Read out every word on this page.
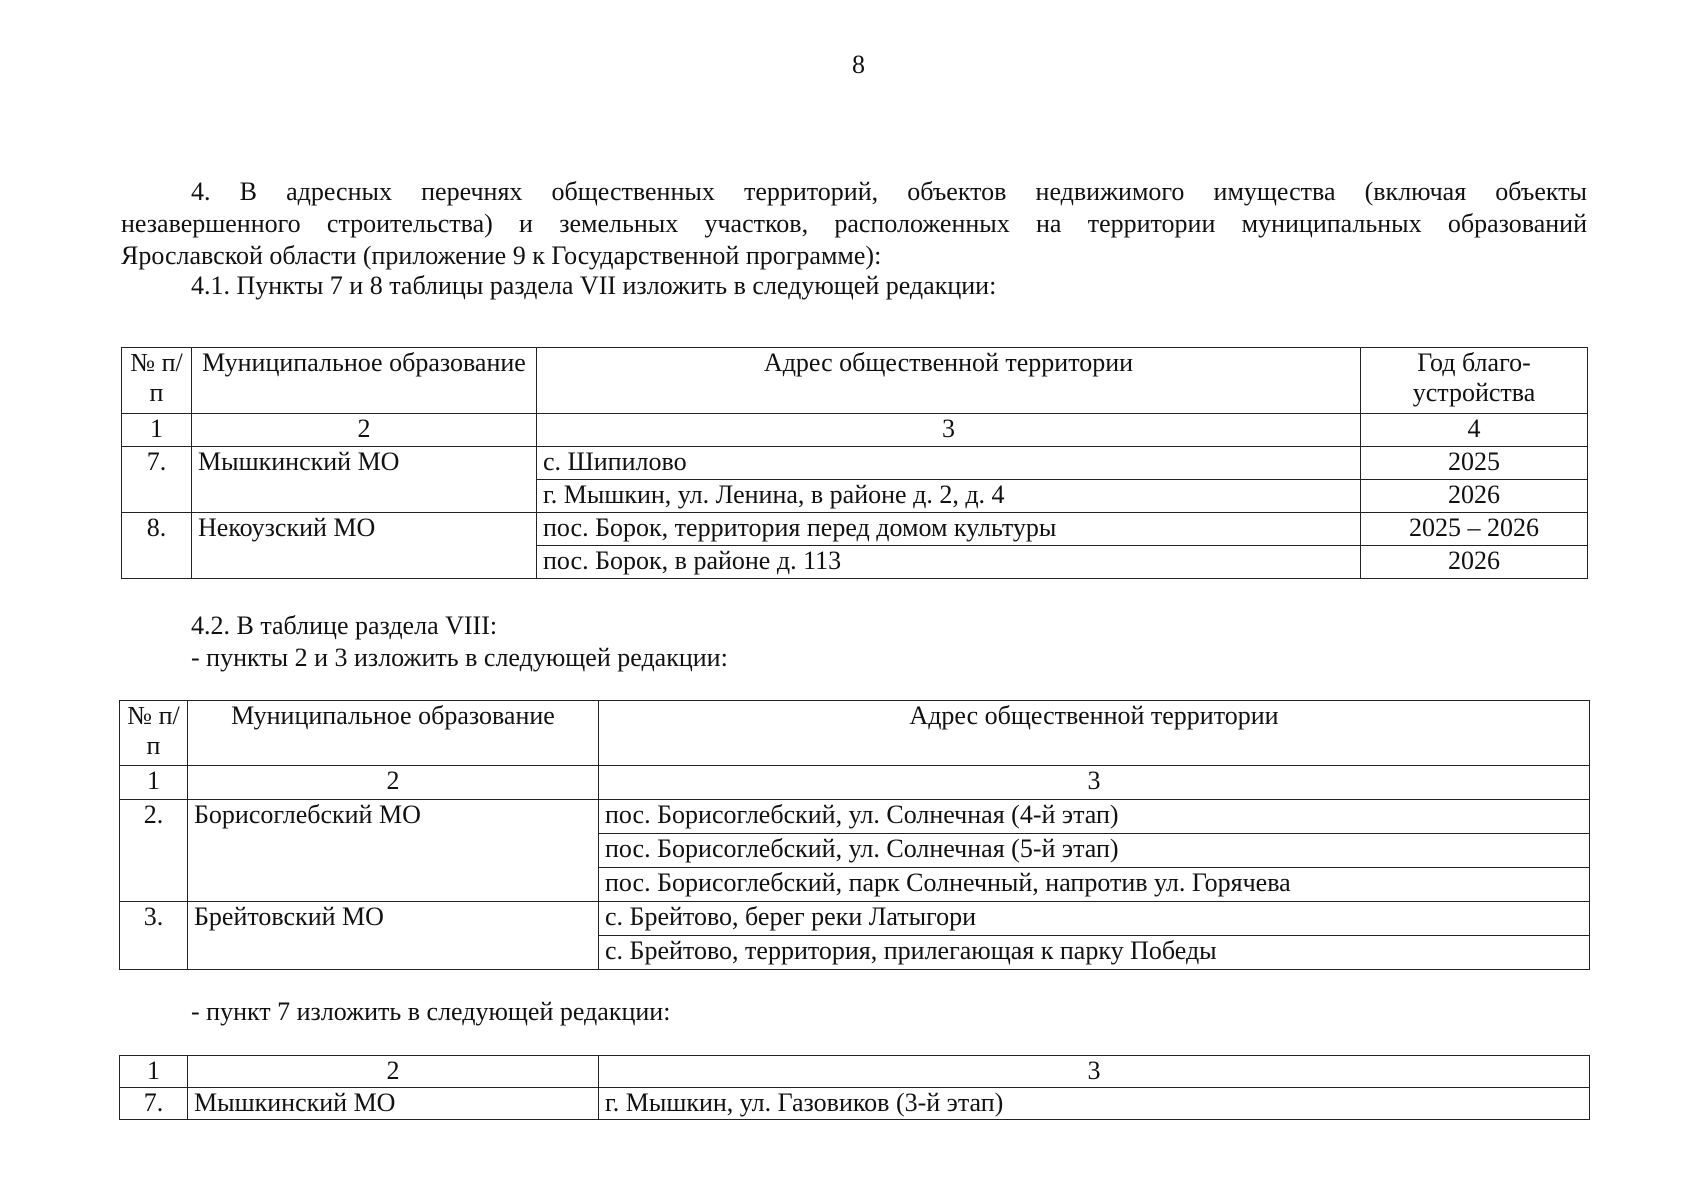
8

4. В адресных перечнях общественных территорий, объектов недвижимого имущества (включая объекты

незавершенного строительства) и земельных участков, расположенных на территории муниципальных образований

Ярославской области (приложение 9 к Государственной программе):

4.1. Пункты 7 и 8 таблицы раздела VII изложить в следующей редакции:

№ п/п	Муниципальное образование	Адрес общественной территории	Год благо-устройства
1	2	3	4
7.	Мышкинский МО	с. Шипилово	2025
		г. Мышкин, ул. Ленина, в районе д. 2, д. 4	2026
8.	Некоузский МО	пос. Борок, территория перед домом культуры	2025 – 2026
		пос. Борок, в районе д. 113	2026

4.2. В таблице раздела VIII:

- пункты 2 и 3 изложить в следующей редакции:

№ п/п	Муниципальное образование	Адрес общественной территории
1	2	3
2.	Борисоглебский МО	пос. Борисоглебский, ул. Солнечная (4-й этап)
		пос. Борисоглебский, ул. Солнечная (5-й этап)
		пос. Борисоглебский, парк Солнечный, напротив ул. Горячева
3.	Брейтовский МО	с. Брейтово, берег реки Латыгори
		с. Брейтово, территория, прилегающая к парку Победы

- пункт 7 изложить в следующей редакции:

1	2	3
7.	Мышкинский МО	г. Мышкин, ул. Газовиков (3-й этап)
